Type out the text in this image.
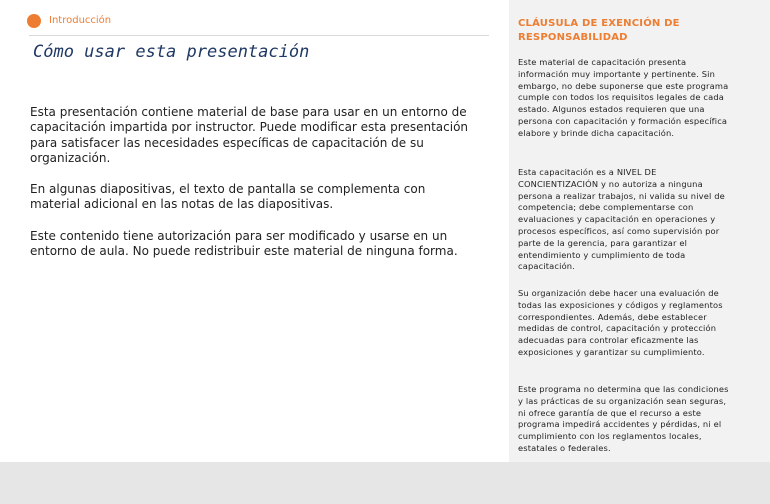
Introducción
Cómo usar esta presentación

Esta presentación contiene material de base para usar en un entorno de capacitación impartida por instructor. Puede modificar esta presentación para satisfacer las necesidades específicas de capacitación de su organización.

En algunas diapositivas, el texto de pantalla se complementa con material adicional en las notas de las diapositivas.

Este contenido tiene autorización para ser modificado y usarse en un entorno de aula. No puede redistribuir este material de ninguna forma.

CLÁUSULA DE EXENCIÓN DE RESPONSABILIDAD

Este material de capacitación presenta información muy importante y pertinente. Sin embargo, no debe suponerse que este programa cumple con todos los requisitos legales de cada estado. Algunos estados requieren que una persona con capacitación y formación específica elabore y brinde dicha capacitación.

Esta capacitación es a NIVEL DE CONCIENTIZACIÓN y no autoriza a ninguna persona a realizar trabajos, ni valida su nivel de competencia; debe complementarse con evaluaciones y capacitación en operaciones y procesos específicos, así como supervisión por parte de la gerencia, para garantizar el entendimiento y cumplimiento de toda capacitación.

Su organización debe hacer una evaluación de todas las exposiciones y códigos y reglamentos correspondientes. Además, debe establecer medidas de control, capacitación y protección adecuadas para controlar eficazmente las exposiciones y garantizar su cumplimiento.

Este programa no determina que las condiciones y las prácticas de su organización sean seguras, ni ofrece garantía de que el recurso a este programa impedirá accidentes y pérdidas, ni el cumplimiento con los reglamentos locales, estatales o federales.
